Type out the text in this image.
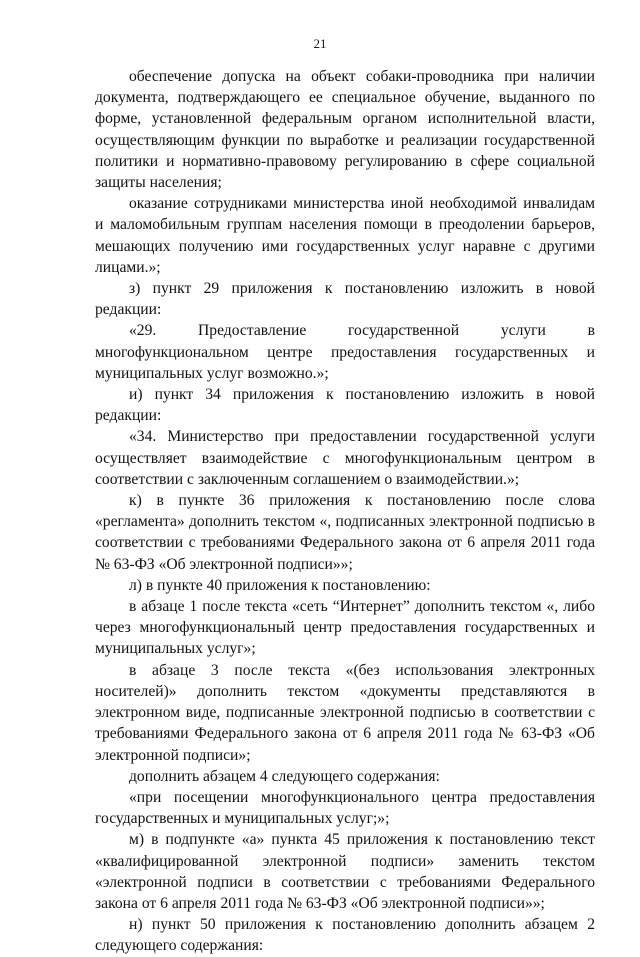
21

обеспечение допуска на объект собаки-проводника при наличии документа, подтверждающего ее специальное обучение, выданного по форме, установленной федеральным органом исполнительной власти, осуществляющим функции по выработке и реализации государственной политики и нормативно-правовому регулированию в сфере социальной защиты населения;

оказание сотрудниками министерства иной необходимой инвалидам и маломобильным группам населения помощи в преодолении барьеров, мешающих получению ими государственных услуг наравне с другими лицами.»;

з) пункт 29 приложения к постановлению изложить в новой редакции:

«29. Предоставление государственной услуги в многофункциональном центре предоставления государственных и муниципальных услуг возможно.»;

и) пункт 34 приложения к постановлению изложить в новой редакции:

«34. Министерство при предоставлении государственной услуги осуществляет взаимодействие с многофункциональным центром в соответствии с заключенным соглашением о взаимодействии.»;

к) в пункте 36 приложения к постановлению после слова «регламента» дополнить текстом «, подписанных электронной подписью в соответствии с требованиями Федерального закона от 6 апреля 2011 года № 63-ФЗ «Об электронной подписи»»;

л) в пункте 40 приложения к постановлению:

в абзаце 1 после текста «сеть “Интернет” дополнить текстом «, либо через многофункциональный центр предоставления государственных и муниципальных услуг»;

в абзаце 3 после текста «(без использования электронных носителей)» дополнить текстом «документы представляются в электронном виде, подписанные электронной подписью в соответствии с требованиями Федерального закона от 6 апреля 2011 года № 63-ФЗ «Об электронной подписи»;

дополнить абзацем 4 следующего содержания:

«при посещении многофункционального центра предоставления государственных и муниципальных услуг;»;

м) в подпункте «а» пункта 45 приложения к постановлению текст «квалифицированной электронной подписи» заменить текстом «электронной подписи в соответствии с требованиями Федерального закона от 6 апреля 2011 года № 63-ФЗ «Об электронной подписи»»;

н) пункт 50 приложения к постановлению дополнить абзацем 2 следующего содержания:
